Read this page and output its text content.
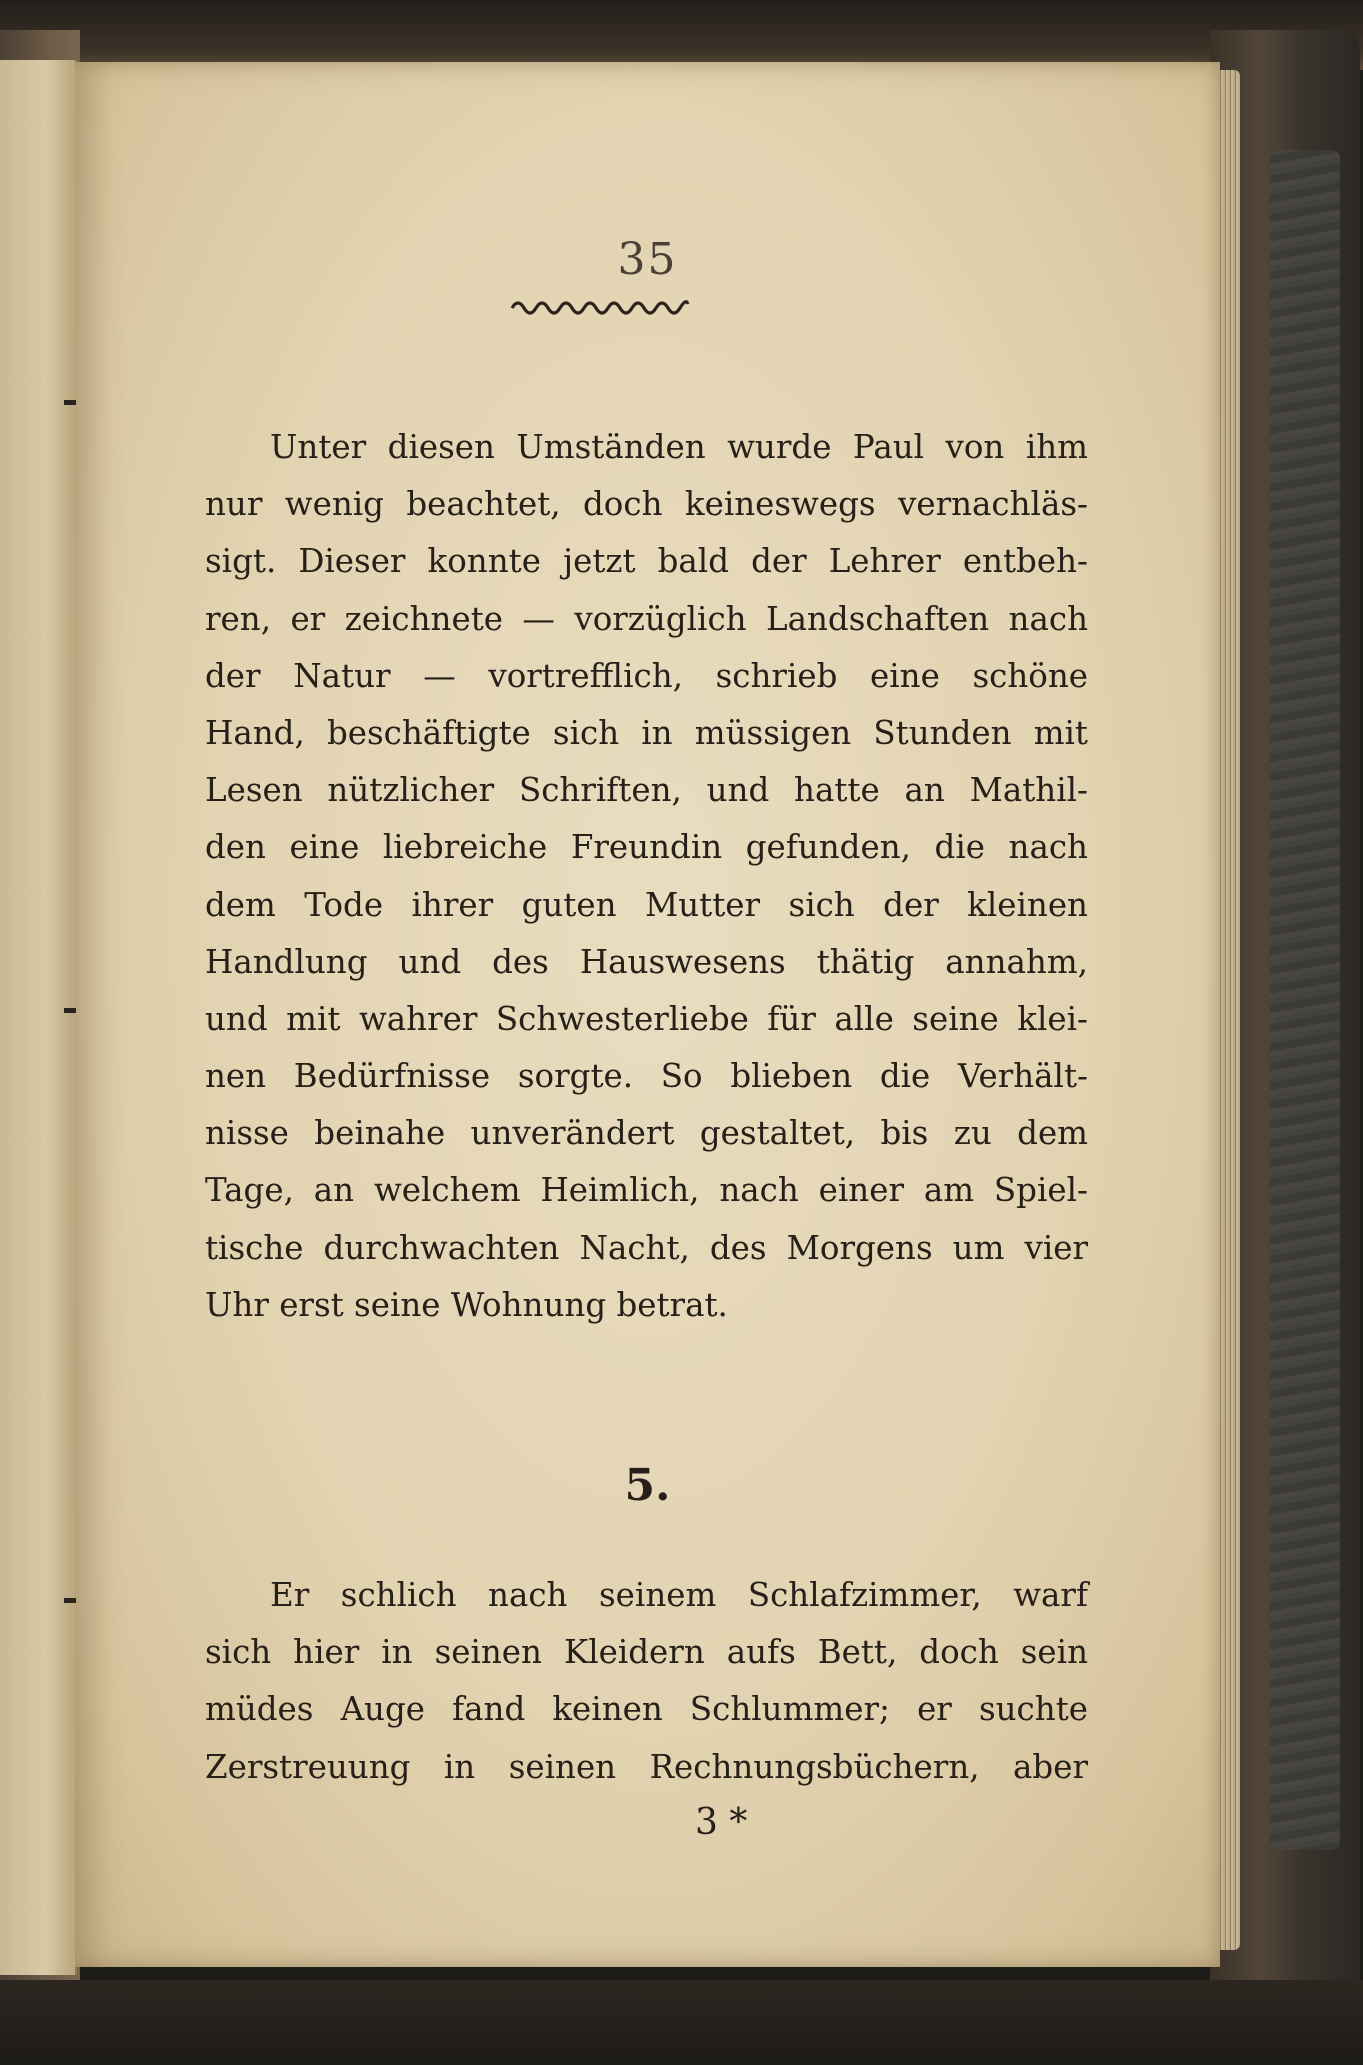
35
Unter diesen Umständen wurde Paul von ihm
nur wenig beachtet, doch keineswegs vernachläs-
sigt. Dieser konnte jetzt bald der Lehrer entbeh-
ren, er zeichnete — vorzüglich Landschaften nach
der Natur — vortrefflich, schrieb eine schöne
Hand, beschäftigte sich in müssigen Stunden mit
Lesen nützlicher Schriften, und hatte an Mathil-
den eine liebreiche Freundin gefunden, die nach
dem Tode ihrer guten Mutter sich der kleinen
Handlung und des Hauswesens thätig annahm,
und mit wahrer Schwesterliebe für alle seine klei-
nen Bedürfnisse sorgte. So blieben die Verhält-
nisse beinahe unverändert gestaltet, bis zu dem
Tage, an welchem Heimlich, nach einer am Spiel-
tische durchwachten Nacht, des Morgens um vier
Uhr erst seine Wohnung betrat.
5.
Er schlich nach seinem Schlafzimmer, warf
sich hier in seinen Kleidern aufs Bett, doch sein
müdes Auge fand keinen Schlummer; er suchte
Zerstreuung in seinen Rechnungsbüchern, aber
3 *
